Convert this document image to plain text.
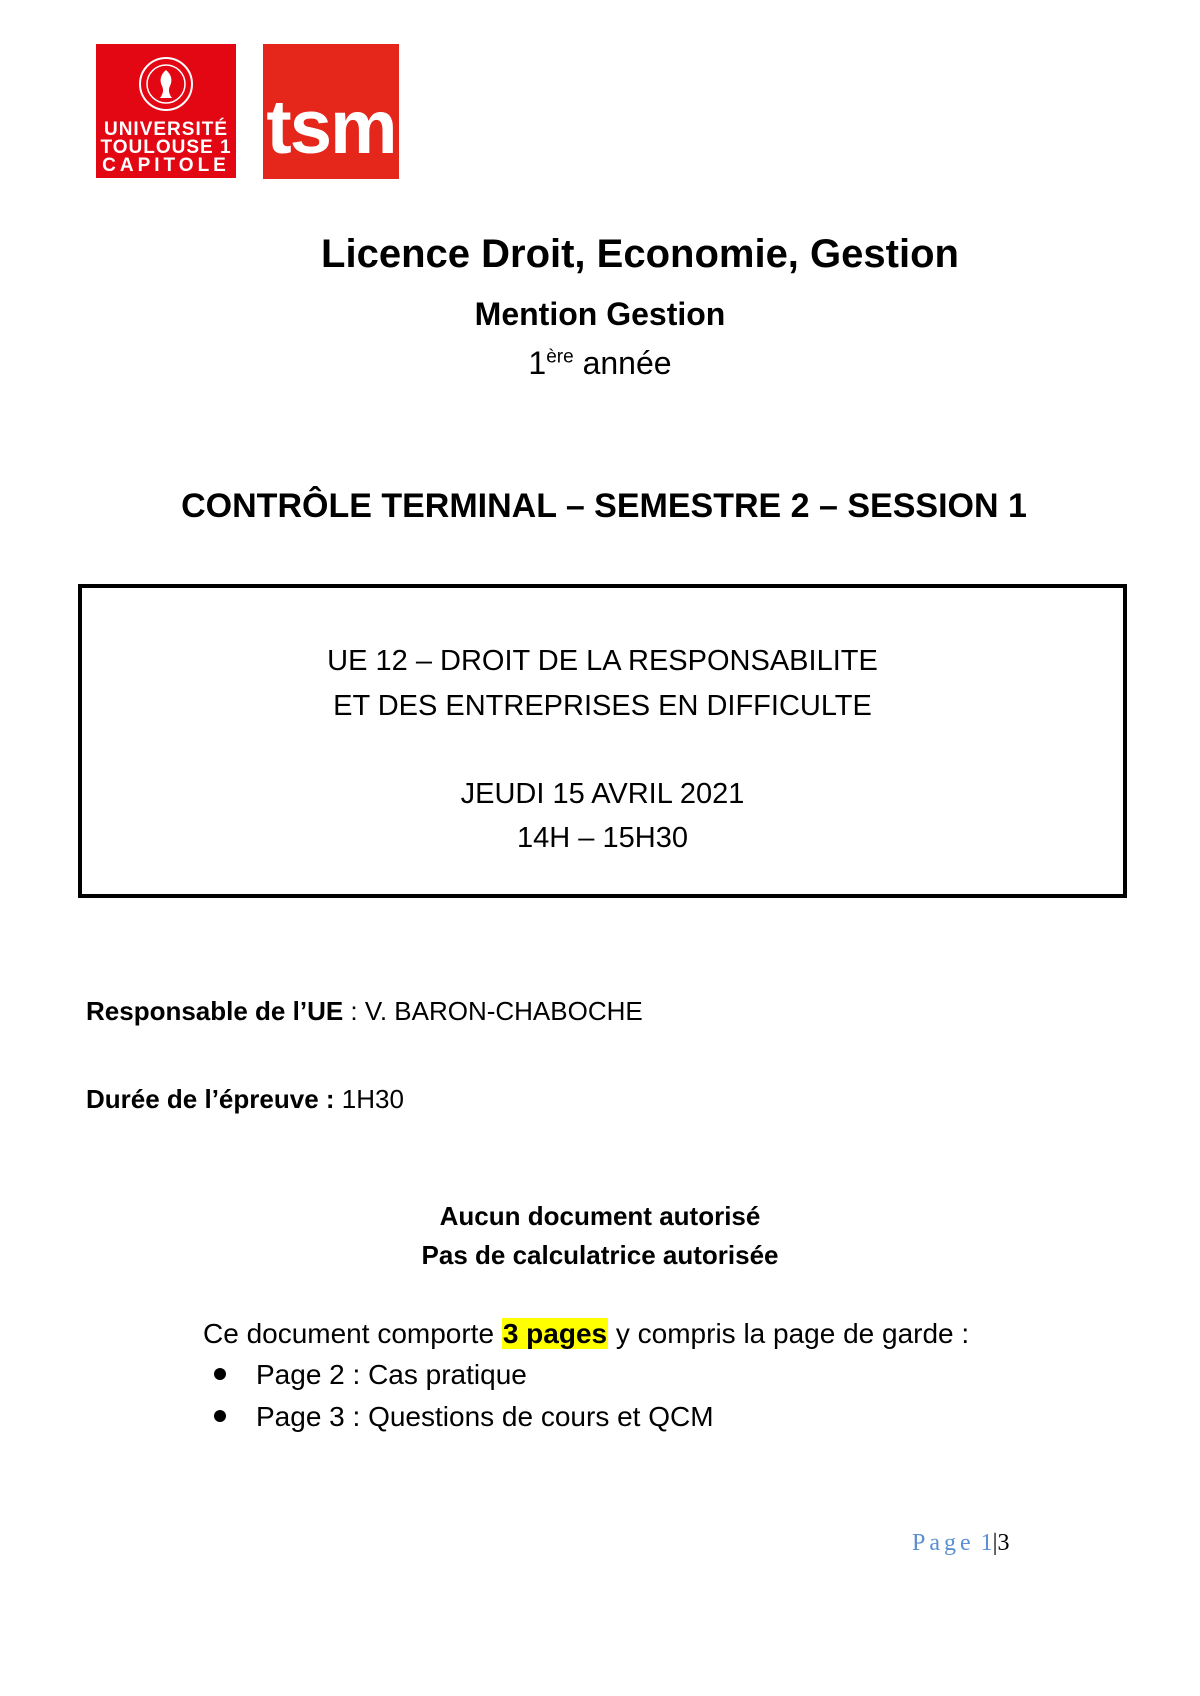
UNIVERSITÉ
TOULOUSE 1
CAPITOLE tsm
Licence Droit, Economie, Gestion
Mention Gestion
1ère année
CONTRÔLE TERMINAL – SEMESTRE 2 – SESSION 1
UE 12 – DROIT DE LA RESPONSABILITE
ET DES ENTREPRISES EN DIFFICULTE
JEUDI 15 AVRIL 2021
14H – 15H30
Responsable de l’UE : V. BARON-CHABOCHE
Durée de l’épreuve : 1H30
Aucun document autorisé
Pas de calculatrice autorisée
Ce document comporte 3 pages y compris la page de garde :
Page 2 : Cas pratique
Page 3 : Questions de cours et QCM
Page 1|3
